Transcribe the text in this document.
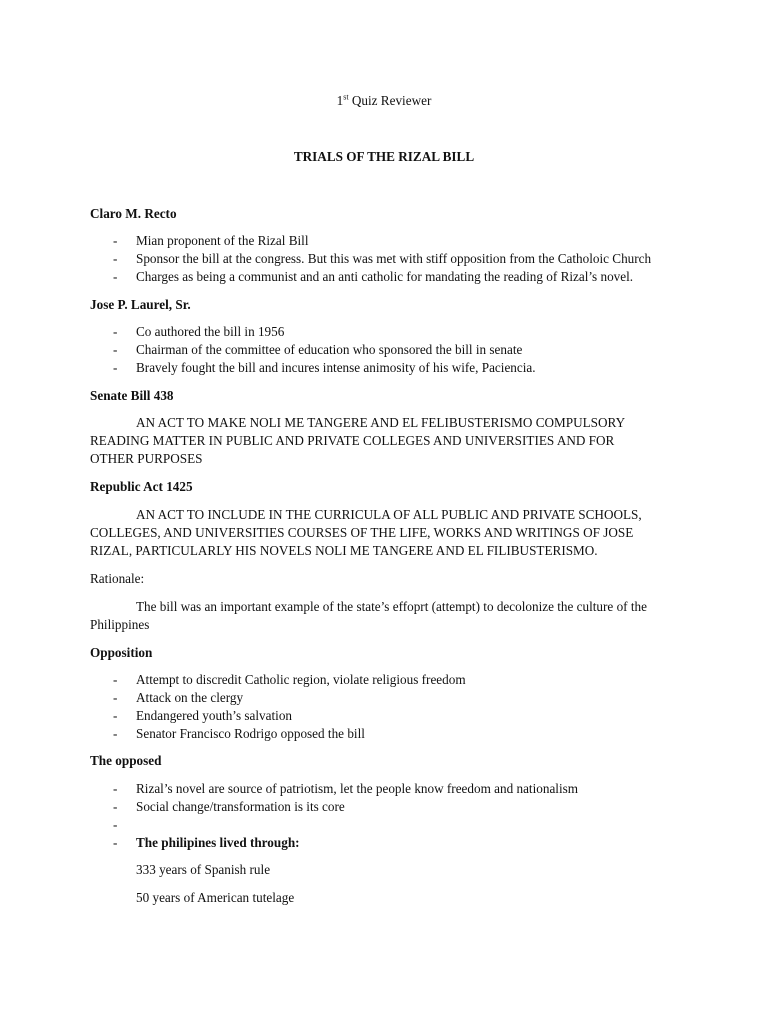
1st Quiz Reviewer
TRIALS OF THE RIZAL BILL
Claro M. Recto
- Mian proponent of the Rizal Bill
- Sponsor the bill at the congress. But this was met with stiff opposition from the Catholoic Church
- Charges as being a communist and an anti catholic for mandating the reading of Rizal’s novel.
Jose P. Laurel, Sr.
- Co authored the bill in 1956
- Chairman of the committee of education who sponsored the bill in senate
- Bravely fought the bill and incures intense animosity of his wife, Paciencia.
Senate Bill 438
AN ACT TO MAKE NOLI ME TANGERE AND EL FELIBUSTERISMO COMPULSORY
READING MATTER IN PUBLIC AND PRIVATE COLLEGES AND UNIVERSITIES AND FOR
OTHER PURPOSES
Republic Act 1425
AN ACT TO INCLUDE IN THE CURRICULA OF ALL PUBLIC AND PRIVATE SCHOOLS,
COLLEGES, AND UNIVERSITIES COURSES OF THE LIFE, WORKS AND WRITINGS OF JOSE
RIZAL, PARTICULARLY HIS NOVELS NOLI ME TANGERE AND EL FILIBUSTERISMO.
Rationale:
The bill was an important example of the state’s effoprt (attempt) to decolonize the culture of the
Philippines
Opposition
- Attempt to discredit Catholic region, violate religious freedom
- Attack on the clergy
- Endangered youth’s salvation
- Senator Francisco Rodrigo opposed the bill
The opposed
- Rizal’s novel are source of patriotism, let the people know freedom and nationalism
- Social change/transformation is its core
-
- The philipines lived through:
333 years of Spanish rule
50 years of American tutelage
